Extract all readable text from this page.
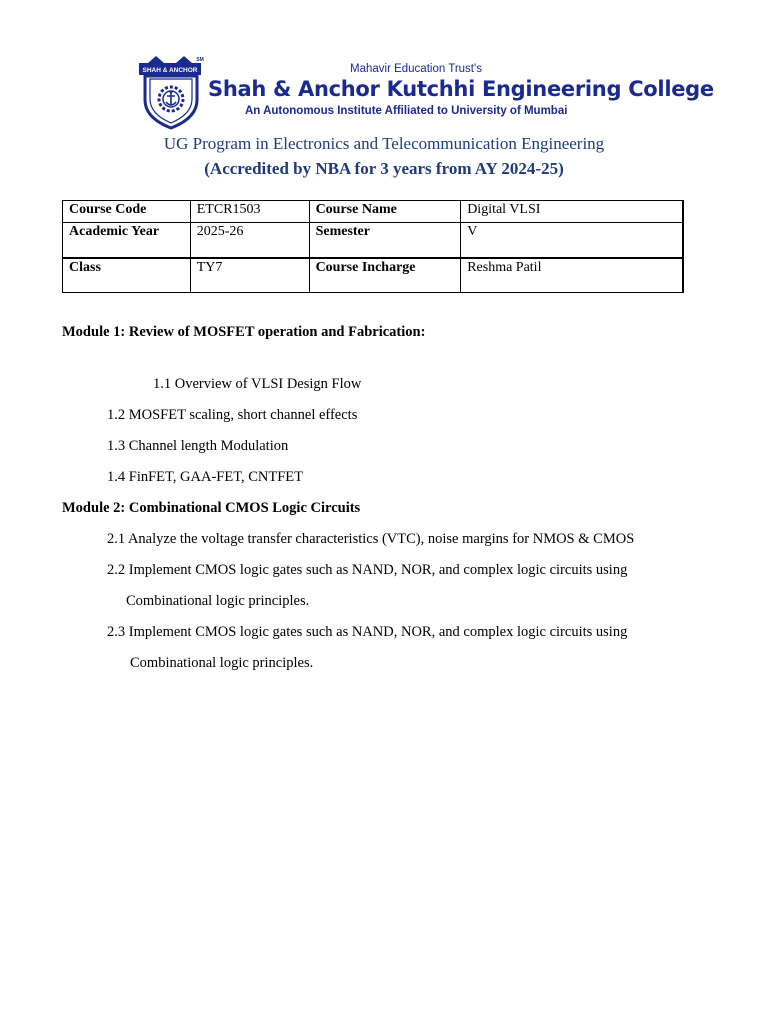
SHAH & ANCHOR
SM
Mahavir Education Trust's
Shah & Anchor Kutchhi Engineering College
An Autonomous Institute Affiliated to University of Mumbai
UG Program in Electronics and Telecommunication Engineering
(Accredited by NBA for 3 years from AY 2024-25)
Course Code	ETCR1503	Course Name	Digital VLSI
Academic Year	2025-26	Semester	V
Class	TY7	Course Incharge	Reshma Patil
Module 1: Review of MOSFET operation and Fabrication:
1.1 Overview of VLSI Design Flow
1.2 MOSFET scaling, short channel effects
1.3 Channel length Modulation
1.4 FinFET, GAA-FET, CNTFET
Module 2: Combinational CMOS Logic Circuits
2.1 Analyze the voltage transfer characteristics (VTC), noise margins for NMOS & CMOS
2.2 Implement CMOS logic gates such as NAND, NOR, and complex logic circuits using
Combinational logic principles.
2.3 Implement CMOS logic gates such as NAND, NOR, and complex logic circuits using
Combinational logic principles.
